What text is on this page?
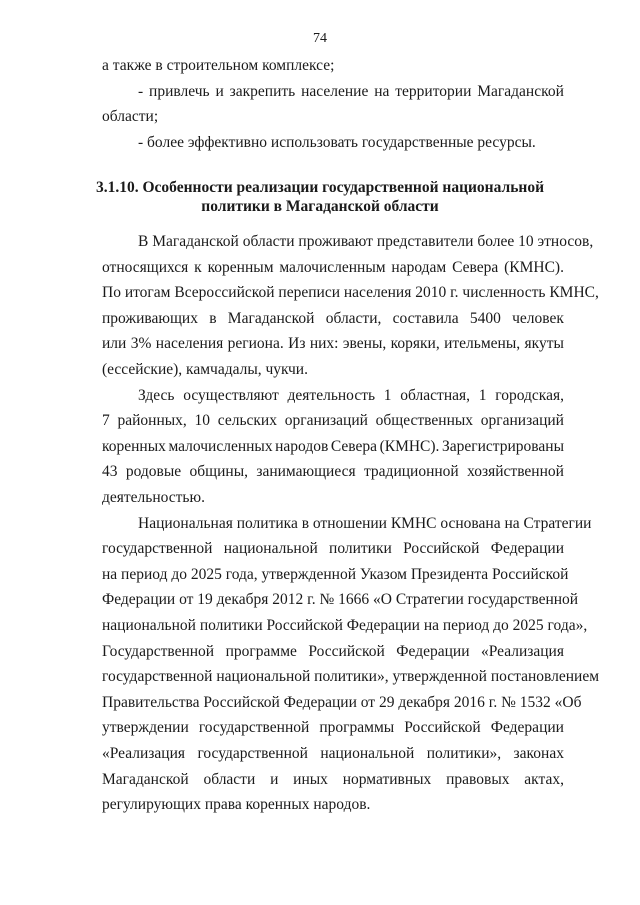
74
а также в строительном комплексе;
- привлечь и закрепить население на территории Магаданской
области;
- более эффективно использовать государственные ресурсы.
3.1.10. Особенности реализации государственной национальной
политики в Магаданской области
В Магаданской области проживают представители более 10 этносов,
относящихся к коренным малочисленным народам Севера (КМНС).
По итогам Всероссийской переписи населения 2010 г. численность КМНС,
проживающих в Магаданской области, составила 5400 человек
или 3% населения региона. Из них: эвены, коряки, ительмены, якуты
(ессейские), камчадалы, чукчи.
Здесь осуществляют деятельность 1 областная, 1 городская,
7 районных, 10 сельских организаций общественных организаций
коренных малочисленных народов Севера (КМНС). Зарегистрированы
43 родовые общины, занимающиеся традиционной хозяйственной
деятельностью.
Национальная политика в отношении КМНС основана на Стратегии
государственной национальной политики Российской Федерации
на период до 2025 года, утвержденной Указом Президента Российской
Федерации от 19 декабря 2012 г. № 1666 «О Стратегии государственной
национальной политики Российской Федерации на период до 2025 года»,
Государственной программе Российской Федерации «Реализация
государственной национальной политики», утвержденной постановлением
Правительства Российской Федерации от 29 декабря 2016 г. № 1532 «Об
утверждении государственной программы Российской Федерации
«Реализация государственной национальной политики», законах
Магаданской области и иных нормативных правовых актах,
регулирующих права коренных народов.
